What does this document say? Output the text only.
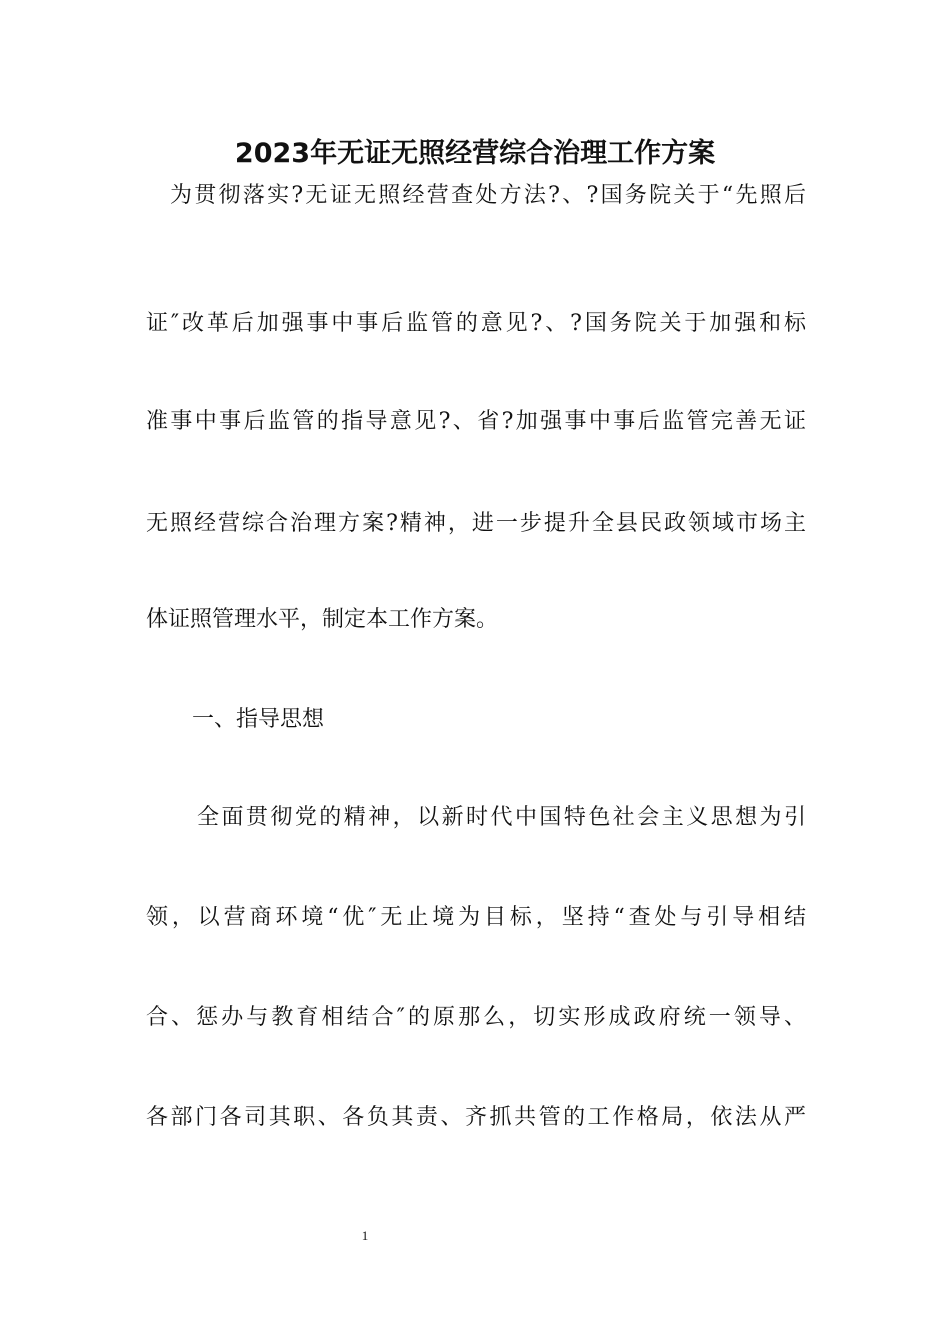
2023年无证无照经营综合治理工作方案
为贯彻落实?无证无照经营查处方法?、?国务院关于“先照后
证″改革后加强事中事后监管的意见?、?国务院关于加强和标
准事中事后监管的指导意见?、省?加强事中事后监管完善无证
无照经营综合治理方案?精神，进一步提升全县民政领域市场主
体证照管理水平，制定本工作方案。
一、指导思想
全面贯彻党的精神，以新时代中国特色社会主义思想为引
领，以营商环境“优″无止境为目标，坚持“查处与引导相结
合、惩办与教育相结合″的原那么，切实形成政府统一领导、
各部门各司其职、各负其责、齐抓共管的工作格局，依法从严
1
